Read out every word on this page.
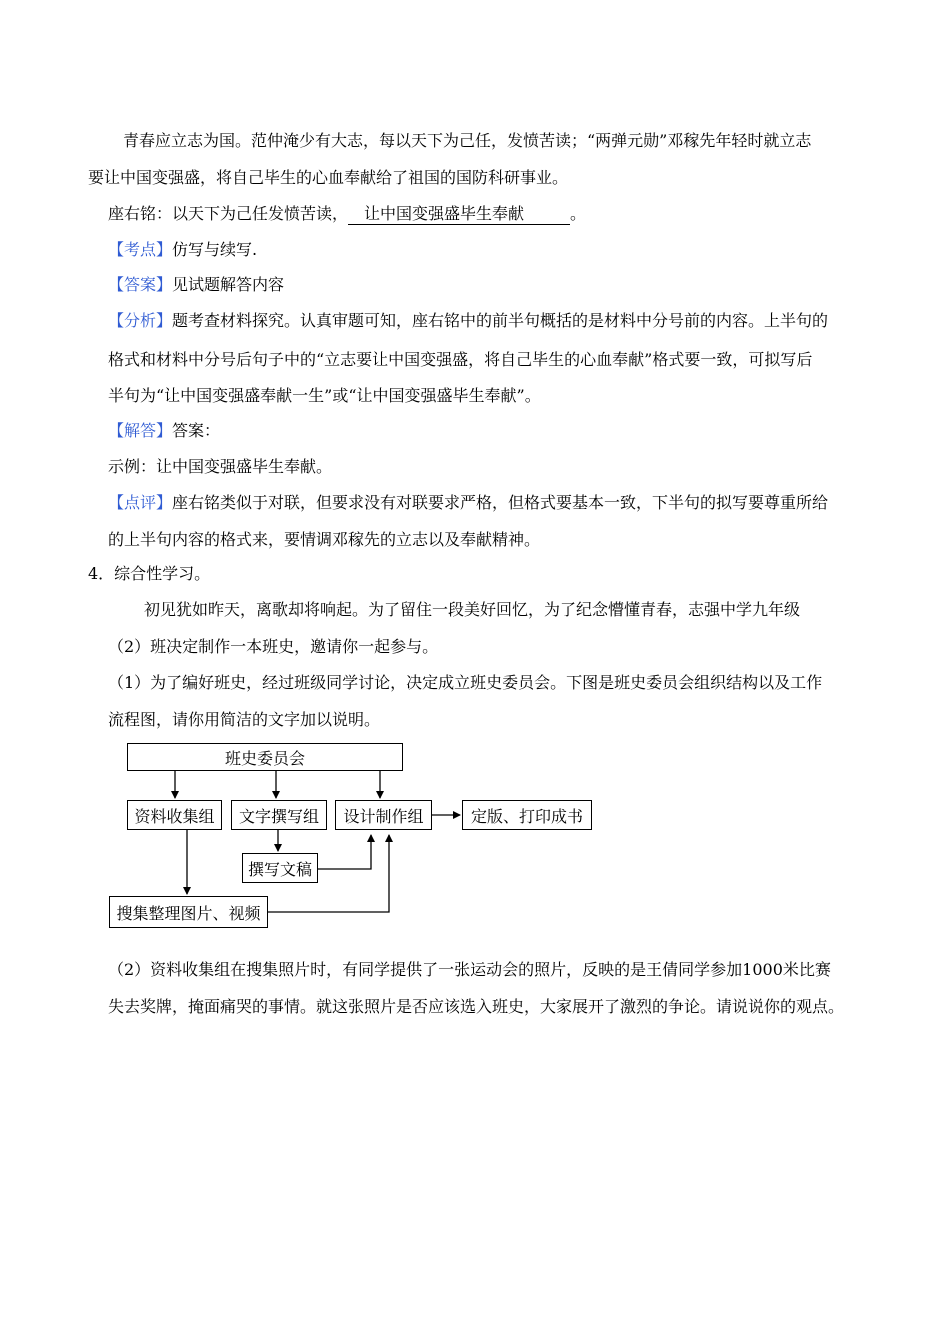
青春应立志为国。范仲淹少有大志，每以天下为己任，发愤苦读；“两弹元勋”邓稼先年轻时就立志
要让中国变强盛，将自己毕生的心血奉献给了祖国的国防科研事业。
座右铭：以天下为己任发愤苦读， 让中国变强盛毕生奉献	。
【考点】仿写与续写.
【答案】见试题解答内容
【分析】题考查材料探究。认真审题可知，座右铭中的前半句概括的是材料中分号前的内容。上半句的
格式和材料中分号后句子中的“立志要让中国变强盛，将自己毕生的心血奉献”格式要一致，可拟写后
半句为“让中国变强盛奉献一生”或“让中国变强盛毕生奉献”。
【解答】答案：
示例：让中国变强盛毕生奉献。
【点评】座右铭类似于对联，但要求没有对联要求严格，但格式要基本一致，下半句的拟写要尊重所给
的上半句内容的格式来，要情调邓稼先的立志以及奉献精神。
4．综合性学习。
初见犹如昨天，离歌却将响起。为了留住一段美好回忆，为了纪念懵懂青春，志强中学九年级
（2）班决定制作一本班史，邀请你一起参与。
（1）为了编好班史，经过班级同学讨论，决定成立班史委员会。下图是班史委员会组织结构以及工作
流程图，请你用简洁的文字加以说明。
班史委员会
资料收集组	文字撰写组	设计制作组	定版、打印成书
撰写文稿
搜集整理图片、视频
（2）资料收集组在搜集照片时，有同学提供了一张运动会的照片，反映的是王倩同学参加1000米比赛
失去奖牌，掩面痛哭的事情。就这张照片是否应该选入班史，大家展开了激烈的争论。请说说你的观点。
